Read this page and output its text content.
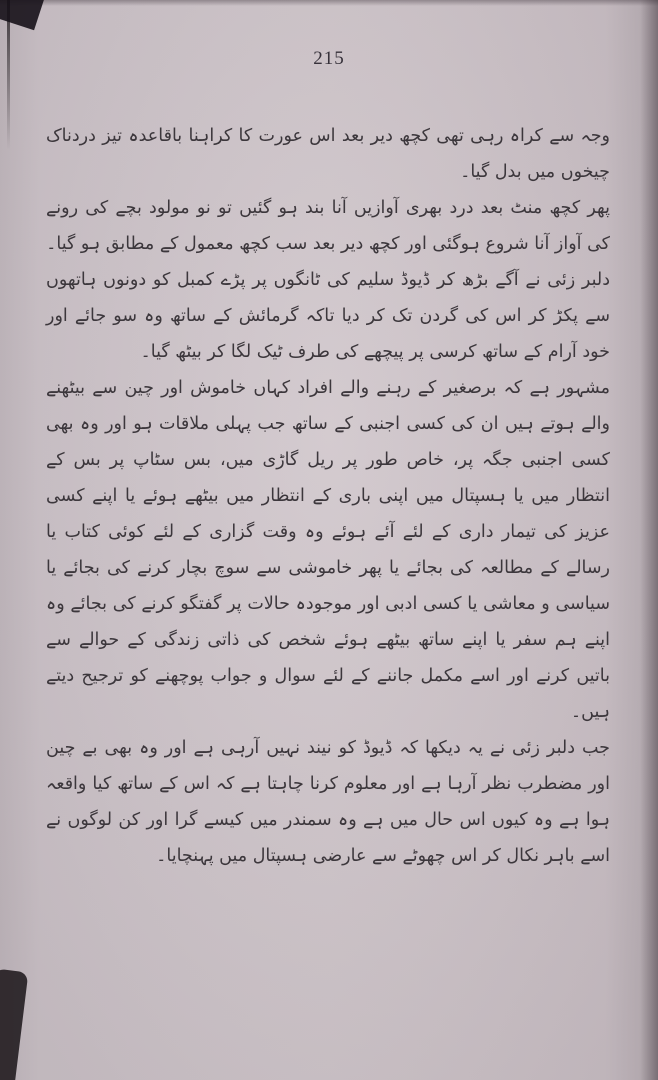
215

وجہ سے کراہ رہی تھی کچھ دیر بعد اس عورت کا کراہنا باقاعدہ تیز دردناک چیخوں میں بدل گیا۔

پھر کچھ منٹ بعد درد بھری آوازیں آنا بند ہو گئیں تو نو مولود بچے کی رونے کی آواز آنا شروع ہوگئی اور کچھ دیر بعد سب کچھ معمول کے مطابق ہو گیا۔

دلبر زئی نے آگے بڑھ کر ڈیوڈ سلیم کی ٹانگوں پر پڑے کمبل کو دونوں ہاتھوں سے پکڑ کر اس کی گردن تک کر دیا تاکہ گرمائش کے ساتھ وہ سو جائے اور خود آرام کے ساتھ کرسی پر پیچھے کی طرف ٹیک لگا کر بیٹھ گیا۔

مشہور ہے کہ برصغیر کے رہنے والے افراد کہاں خاموش اور چین سے بیٹھنے والے ہوتے ہیں ان کی کسی اجنبی کے ساتھ جب پہلی ملاقات ہو اور وہ بھی کسی اجنبی جگہ پر، خاص طور پر ریل گاڑی میں، بس سٹاپ پر بس کے انتظار میں یا ہسپتال میں اپنی باری کے انتظار میں بیٹھے ہوئے یا اپنے کسی عزیز کی تیمار داری کے لئے آئے ہوئے وہ وقت گزاری کے لئے کوئی کتاب یا رسالے کے مطالعہ کی بجائے یا پھر خاموشی سے سوچ بچار کرنے کی بجائے یا سیاسی و معاشی یا کسی ادبی اور موجودہ حالات پر گفتگو کرنے کی بجائے وہ اپنے ہم سفر یا اپنے ساتھ بیٹھے ہوئے شخص کی ذاتی زندگی کے حوالے سے باتیں کرنے اور اسے مکمل جاننے کے لئے سوال و جواب پوچھنے کو ترجیح دیتے ہیں۔

جب دلبر زئی نے یہ دیکھا کہ ڈیوڈ کو نیند نہیں آرہی ہے اور وہ بھی بے چین اور مضطرب نظر آرہا ہے اور معلوم کرنا چاہتا ہے کہ اس کے ساتھ کیا واقعہ ہوا ہے وہ کیوں اس حال میں ہے وہ سمندر میں کیسے گرا اور کن لوگوں نے اسے باہر نکال کر اس چھوٹے سے عارضی ہسپتال میں پہنچایا۔
